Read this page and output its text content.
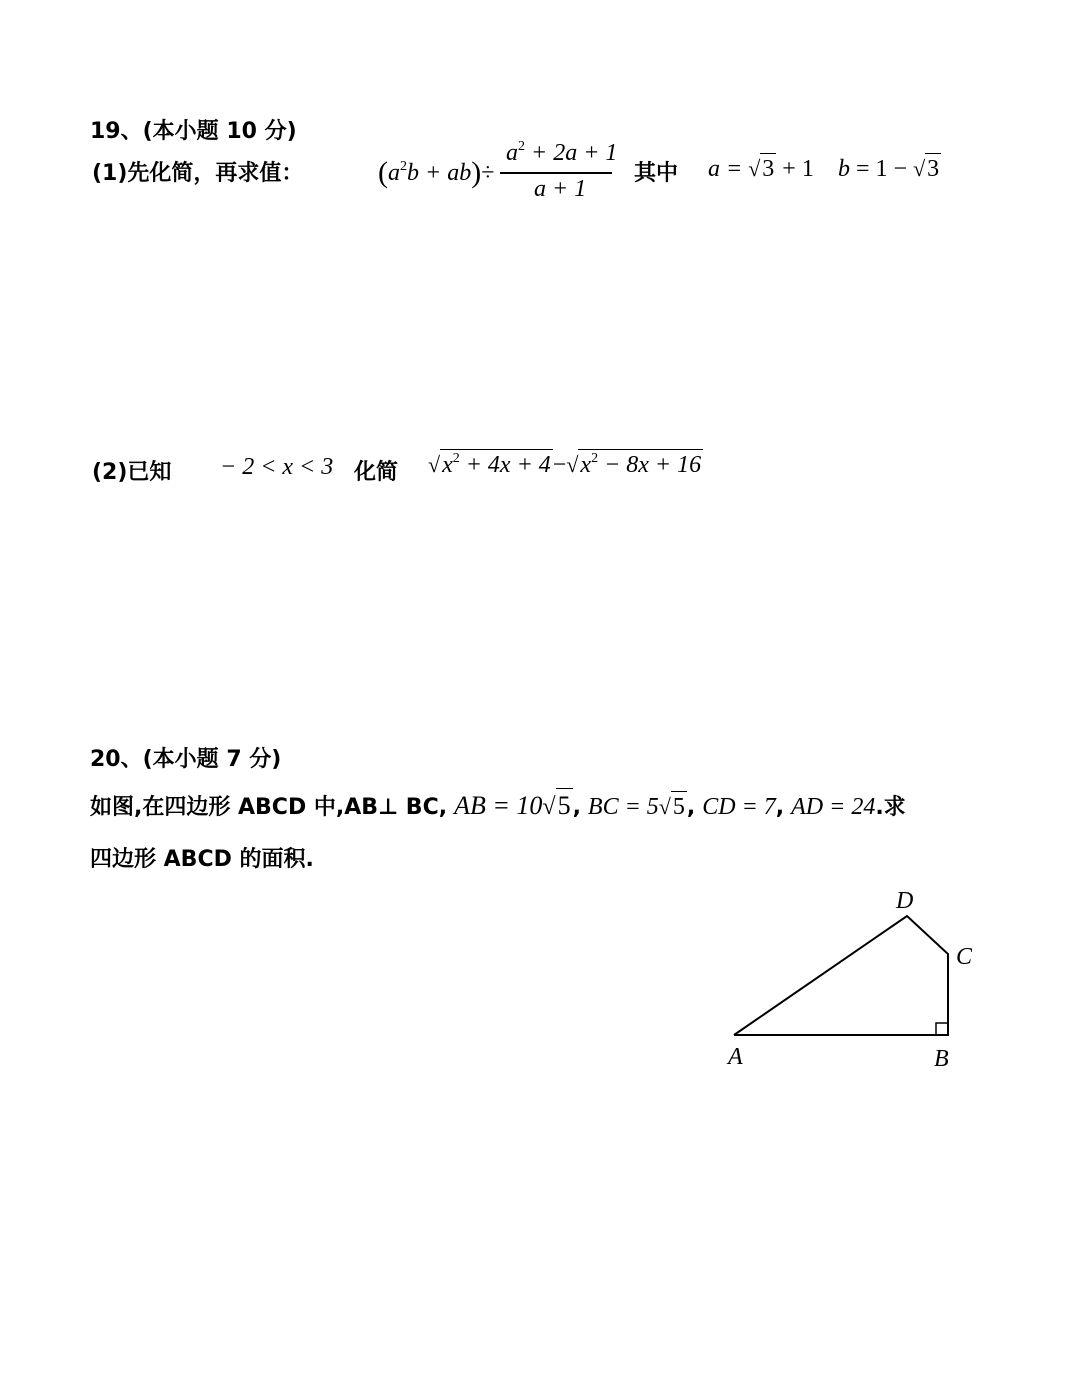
19、(本小题 10 分)
(1)先化简，再求值： $(a^2b + ab)\div$
$a^2 + 2a + 1$
a + 1
其中 a = √3 + 1 b = 1 − √3
(2)已知 − 2 < x < 3 化简 $√x^2 + 4x + 4-√x^2 - 8x + 16$
20、(本小题 7 分)
如图,在四边形 ABCD 中,AB⊥ BC, AB = 10√5, BC = 5√5, CD = 7, AD = 24.求
四边形 ABCD 的面积.
A	B
C
D
